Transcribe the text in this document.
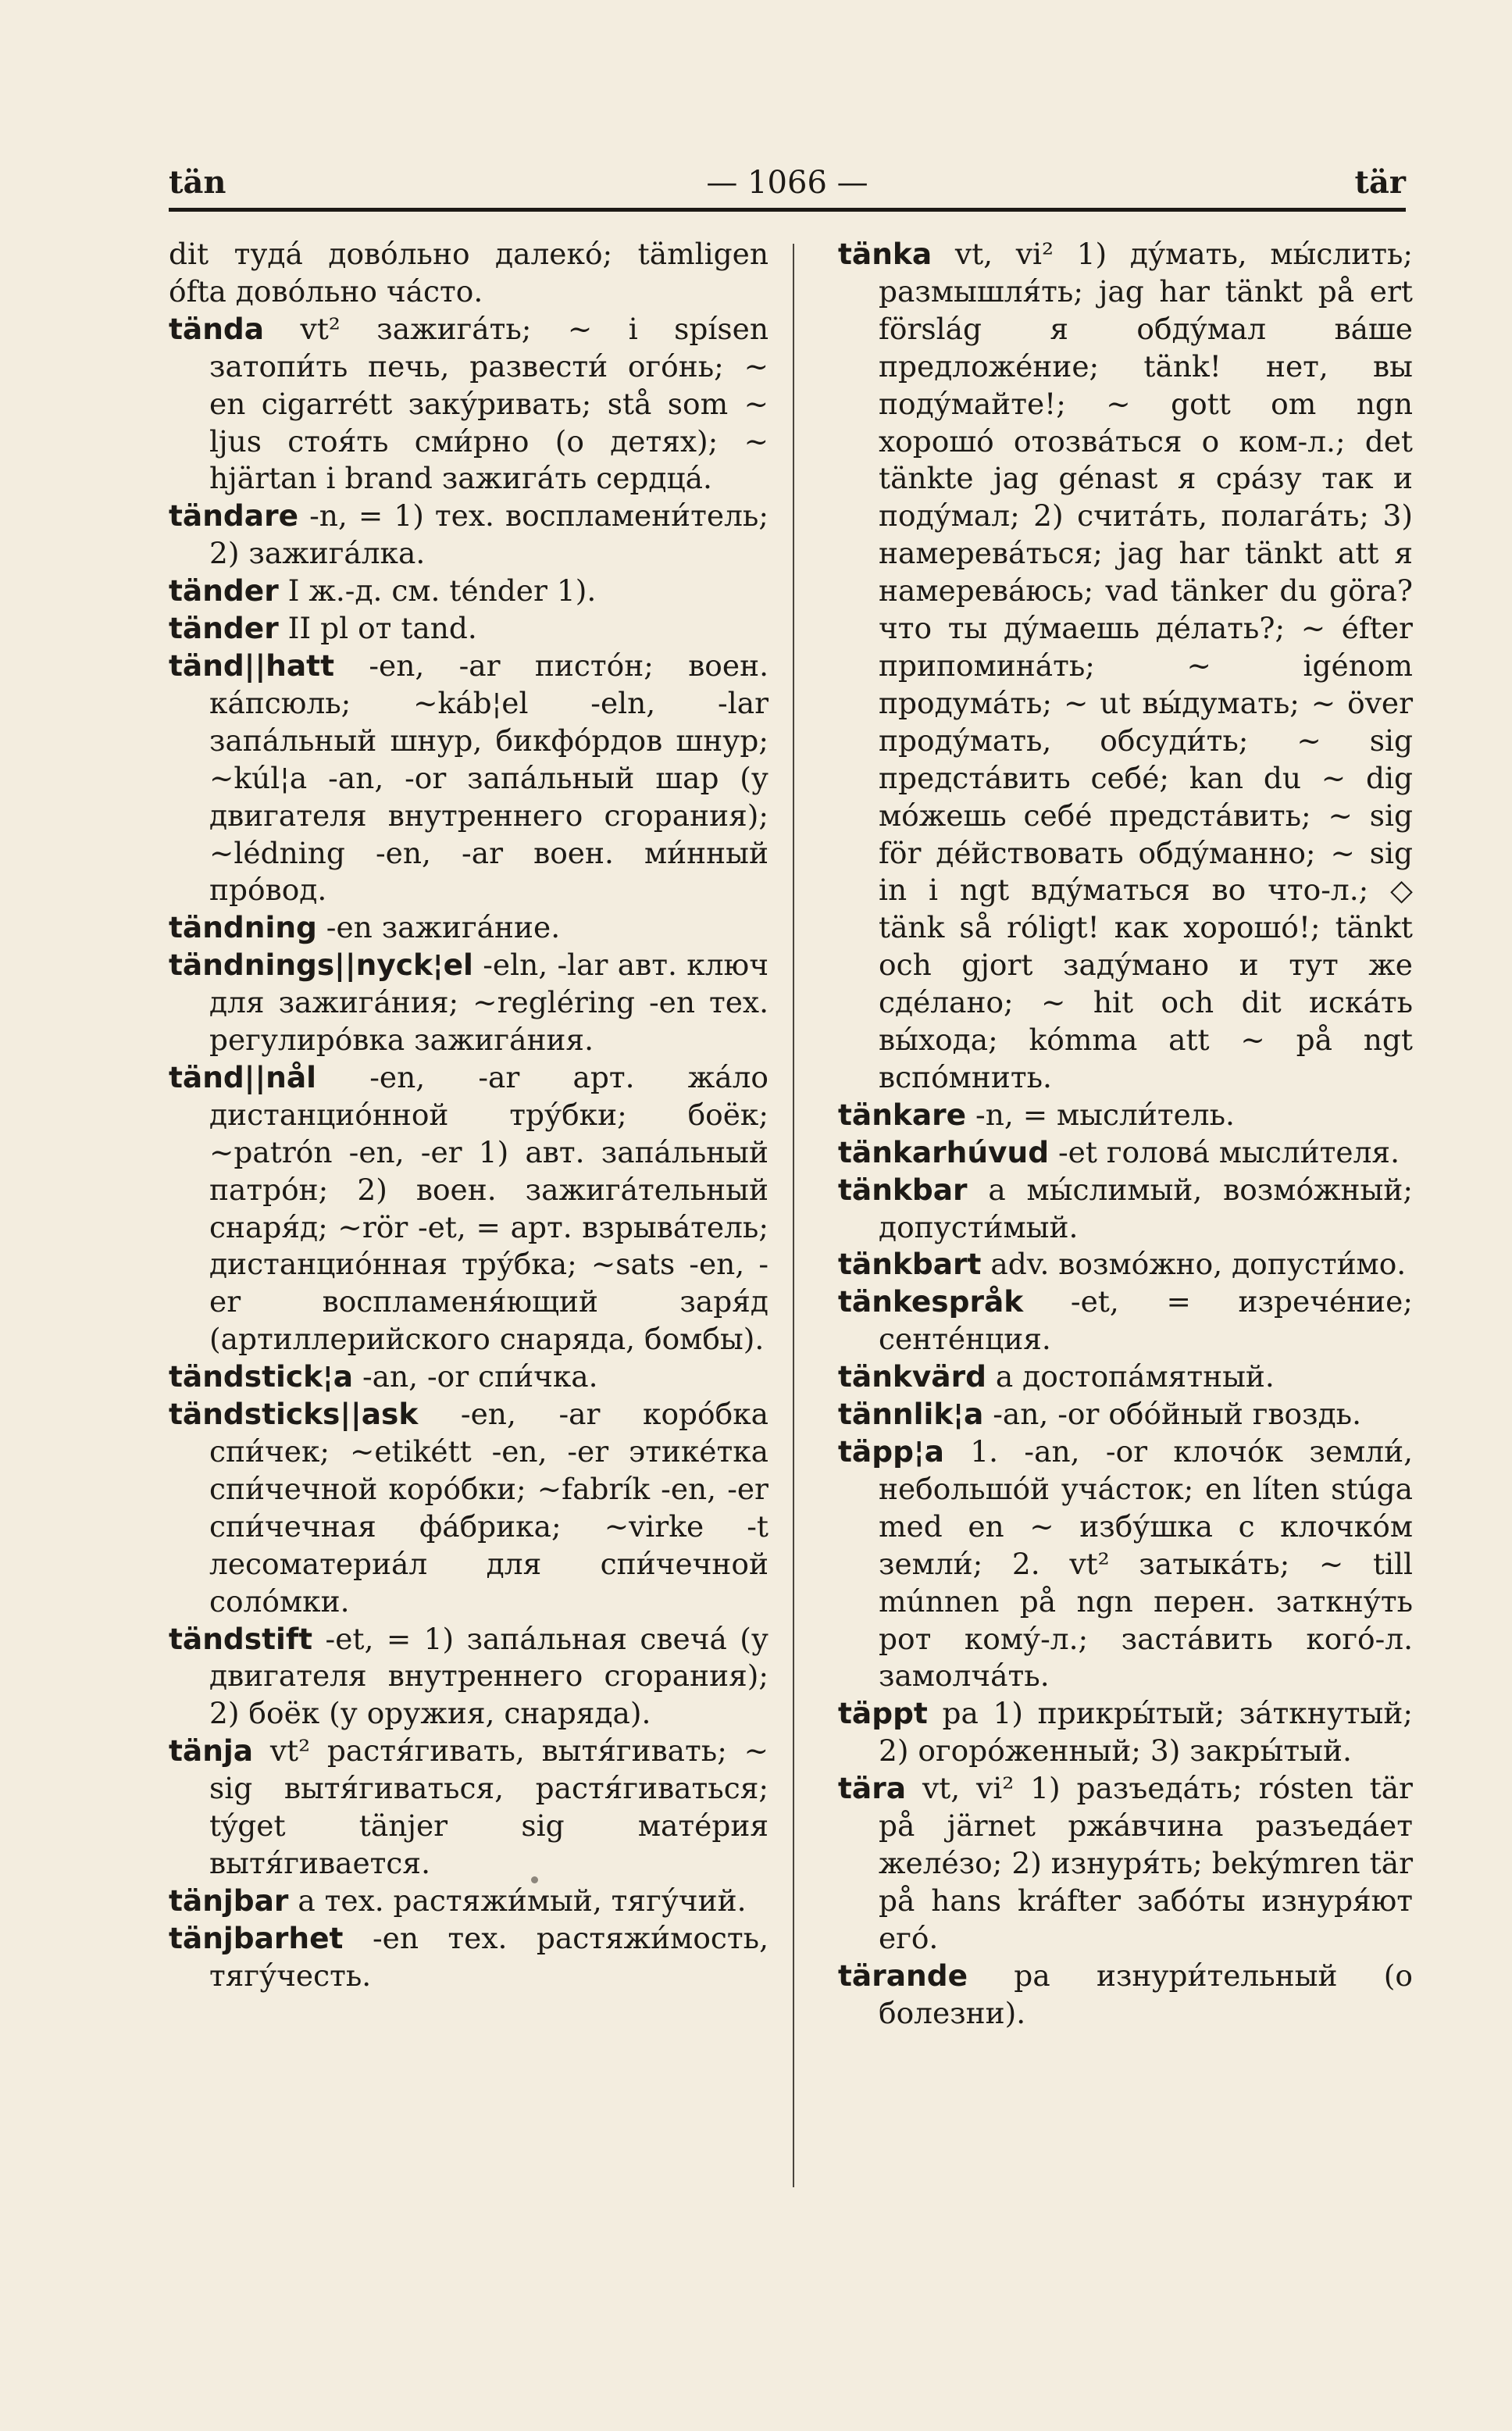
tän	— 1066 —	tär

dit туда́ дово́льно далеко́; tämligen о́fta дово́льно ча́сто.

tända vt² зажига́ть; ~ i spísen затопи́ть печь, развести́ ого́нь; ~ en cigarrétt заку́ривать; stå som ~ ljus стоя́ть сми́рно (о детях); ~ hjärtan i brand зажига́ть сердца́.

tändare -n, = 1) тех. воспламени́тель; 2) зажига́лка.

tänder I ж.-д. см. ténder 1).

tänder II pl от tand.

tänd||hatt -en, -ar пистóн; воен. ка́псюль; ~káb¦el -eln, -lar запа́льный шнур, бикфо́рдов шнур; ~kúl¦a -an, -or запа́льный шар (у двигателя внутреннего сгорания); ~lédning -en, -ar воен. ми́нный про́вод.

tändning -en зажига́ние.

tändnings||nyck¦el -eln, -lar авт. ключ для зажига́ния; ~regléring -en тех. регулиро́вка зажига́ния.

tänd||nål -en, -ar арт. жа́ло дистанцио́нной тру́бки; боёк; ~patrón -en, -er 1) авт. запа́льный патро́н; 2) воен. зажига́тельный снаря́д; ~rör -et, = арт. взрыва́тель; дистанцио́нная тру́бка; ~sats -en, -er воспламеня́ющий заря́д (артиллерийского снаряда, бомбы).

tändstick¦a -an, -or спи́чка.

tändsticks||ask -en, -ar коро́бка спи́чек; ~etikétt -en, -er этике́тка спи́чечной коро́бки; ~fabrík -en, -er спи́чечная фа́брика; ~virke -t лесоматериа́л для спи́чечной соло́мки.

tändstift -et, = 1) запа́льная свеча́ (у двигателя внутреннего сгорания); 2) боёк (у оружия, снаряда).

tänja vt² растя́гивать, вытя́гивать; ~ sig вытя́гиваться, растя́гиваться; týget tänjer sig мате́рия вытя́гивается.

tänjbar а тех. растяжи́мый, тягу́чий.

tänjbarhet -en тех. растяжи́мость, тягу́честь.

tänka vt, vi² 1) ду́мать, мы́слить; размышля́ть; jag har tänkt på ert förslág я обду́мал ва́ше предложе́ние; tänk! нет, вы поду́майте!; ~ gott om ngn хорошо́ отозва́ться о ком-л.; det tänkte jag génast я сра́зу так и поду́мал; 2) счита́ть, полага́ть; 3) намерева́ться; jag har tänkt att я намерева́юсь; vad tänker du göra? что ты ду́маешь де́лать?; ~ éfter припомина́ть; ~ igénom продума́ть; ~ ut вы́думать; ~ över проду́мать, обсуди́ть; ~ sig предста́вить себе́; kan du ~ dig мо́жешь себе́ предста́вить; ~ sig för де́йствовать обду́манно; ~ sig in i ngt вду́маться во что-л.; ◇ tänk så róligt! как хорошо́!; tänkt och gjort заду́мано и тут же сде́лано; ~ hit och dit иска́ть вы́хода; kómma att ~ på ngt вспо́мнить.

tänkare -n, = мысли́тель.

tänkarhúvud -et голова́ мысли́теля.

tänkbar а мы́слимый, возмо́жный; допусти́мый.

tänkbart adv. возмо́жно, допусти́мо.

tänkespråk -et, = изрече́ние; сенте́нция.

tänkvärd а достопа́мятный.

tännlik¦a -an, -or обо́йный гвоздь.

täpp¦a 1. -an, -or клочо́к земли́, небольшо́й уча́сток; en líten stúga med en ~ избу́шка с клочко́м земли́; 2. vt² затыка́ть; ~ till múnnen på ngn перен. заткну́ть рот кому́-л.; заста́вить кого́-л. замолча́ть.

täppt pa 1) прикры́тый; за́ткнутый; 2) огоро́женный; 3) закры́тый.

tära vt, vi² 1) разъеда́ть; rósten tär på järnet ржа́вчина разъеда́ет желе́зо; 2) изнуря́ть; bekýmren tär på hans kráfter забо́ты изнуря́ют его́.

tärande pa изнури́тельный (о болезни).
